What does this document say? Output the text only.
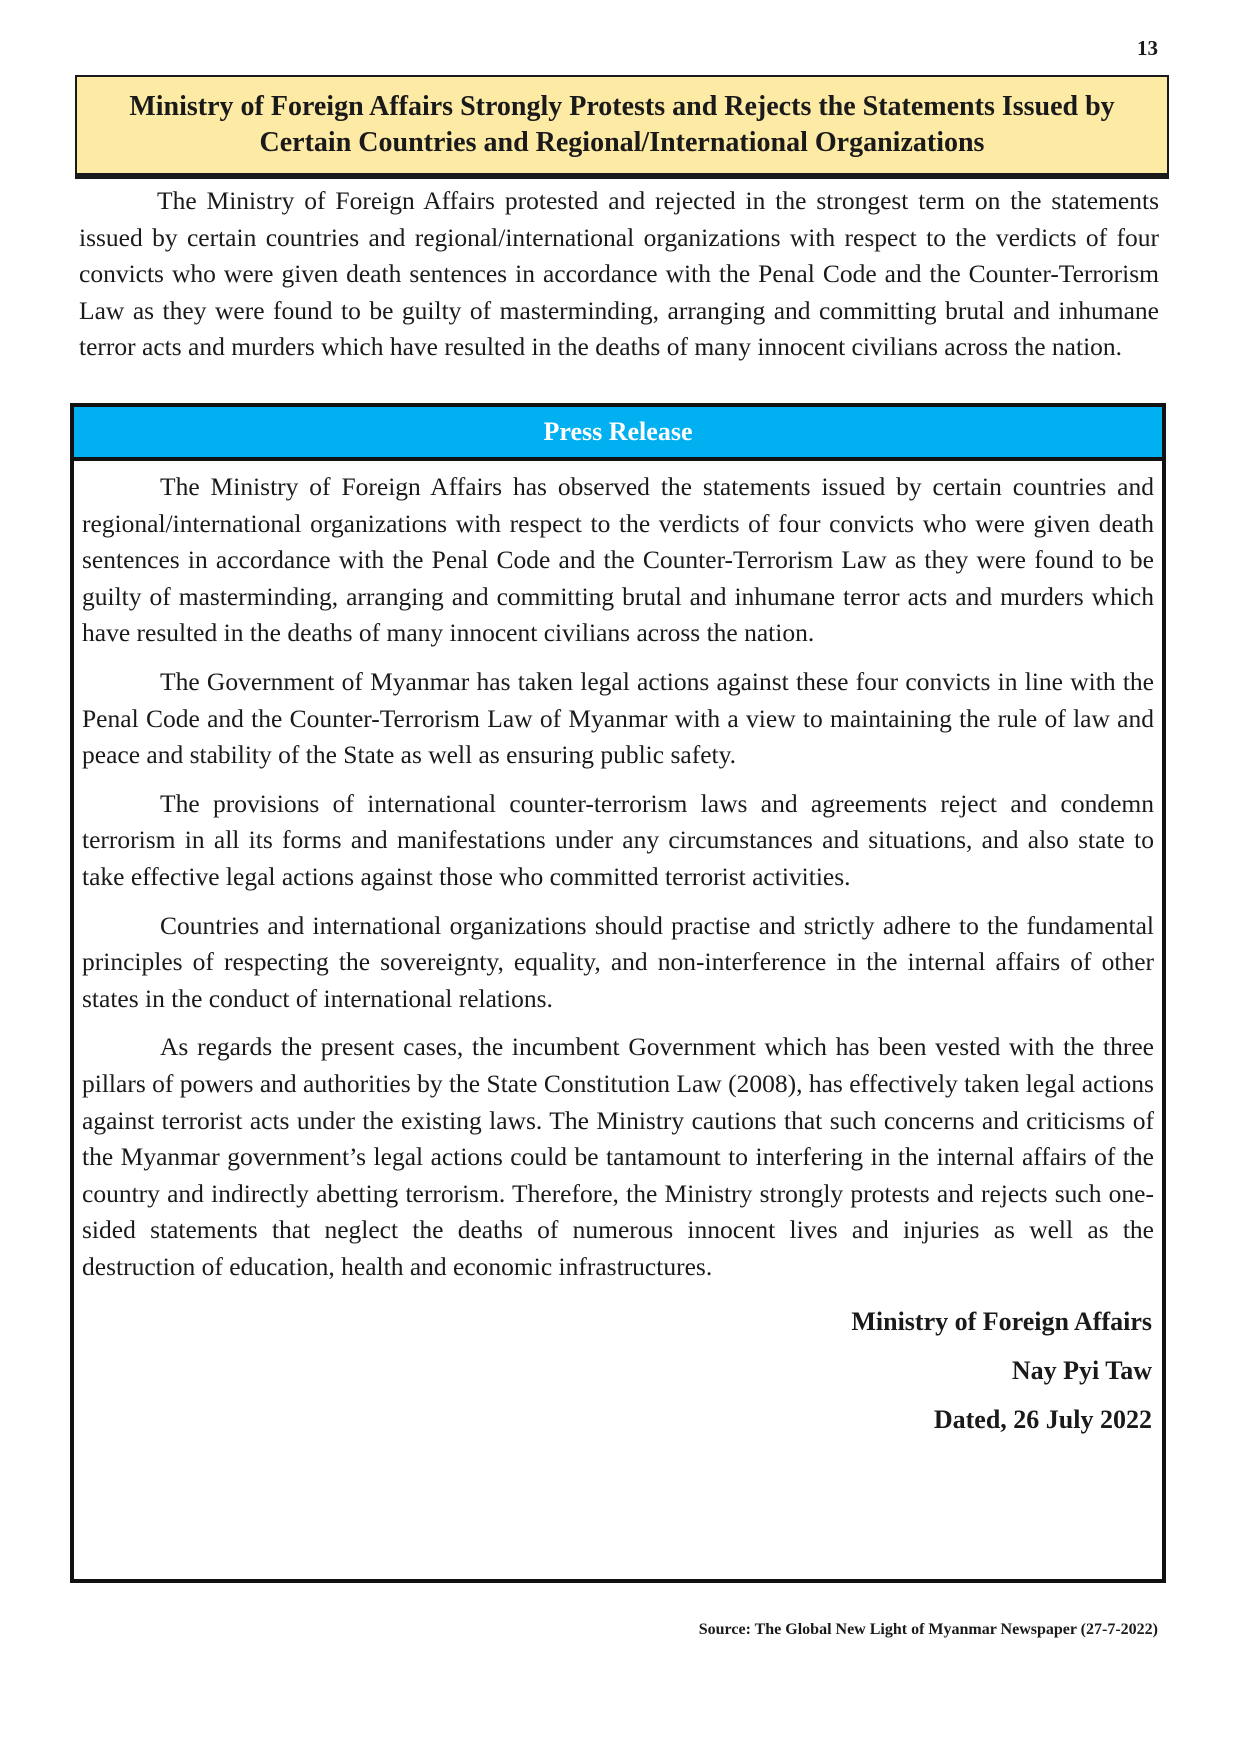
13
Ministry of Foreign Affairs Strongly Protests and Rejects the Statements Issued by Certain Countries and Regional/International Organizations

The Ministry of Foreign Affairs protested and rejected in the strongest term on the statements issued by certain countries and regional/international organizations with respect to the verdicts of four convicts who were given death sentences in accordance with the Penal Code and the Counter-Terrorism Law as they were found to be guilty of masterminding, arranging and committing brutal and inhumane terror acts and murders which have resulted in the deaths of many innocent civilians across the nation.

Press Release

The Ministry of Foreign Affairs has observed the statements issued by certain countries and regional/international organizations with respect to the verdicts of four convicts who were given death sentences in accordance with the Penal Code and the Counter-Terrorism Law as they were found to be guilty of masterminding, arranging and committing brutal and inhumane terror acts and murders which have resulted in the deaths of many innocent civilians across the nation.

The Government of Myanmar has taken legal actions against these four convicts in line with the Penal Code and the Counter-Terrorism Law of Myanmar with a view to maintaining the rule of law and peace and stability of the State as well as ensuring public safety.

The provisions of international counter-terrorism laws and agreements reject and condemn terrorism in all its forms and manifestations under any circumstances and situations, and also state to take effective legal actions against those who committed terrorist activities.

Countries and international organizations should practise and strictly adhere to the fundamental principles of respecting the sovereignty, equality, and non-interference in the internal affairs of other states in the conduct of international relations.

As regards the present cases, the incumbent Government which has been vested with the three pillars of powers and authorities by the State Constitution Law (2008), has effectively taken legal actions against terrorist acts under the existing laws. The Ministry cautions that such concerns and criticisms of the Myanmar government’s legal actions could be tantamount to interfering in the internal affairs of the country and indirectly abetting terrorism. Therefore, the Ministry strongly protests and rejects such one-sided statements that neglect the deaths of numerous innocent lives and injuries as well as the destruction of education, health and economic infrastructures.

Ministry of Foreign Affairs
Nay Pyi Taw
Dated, 26 July 2022
Source: The Global New Light of Myanmar Newspaper (27-7-2022)
